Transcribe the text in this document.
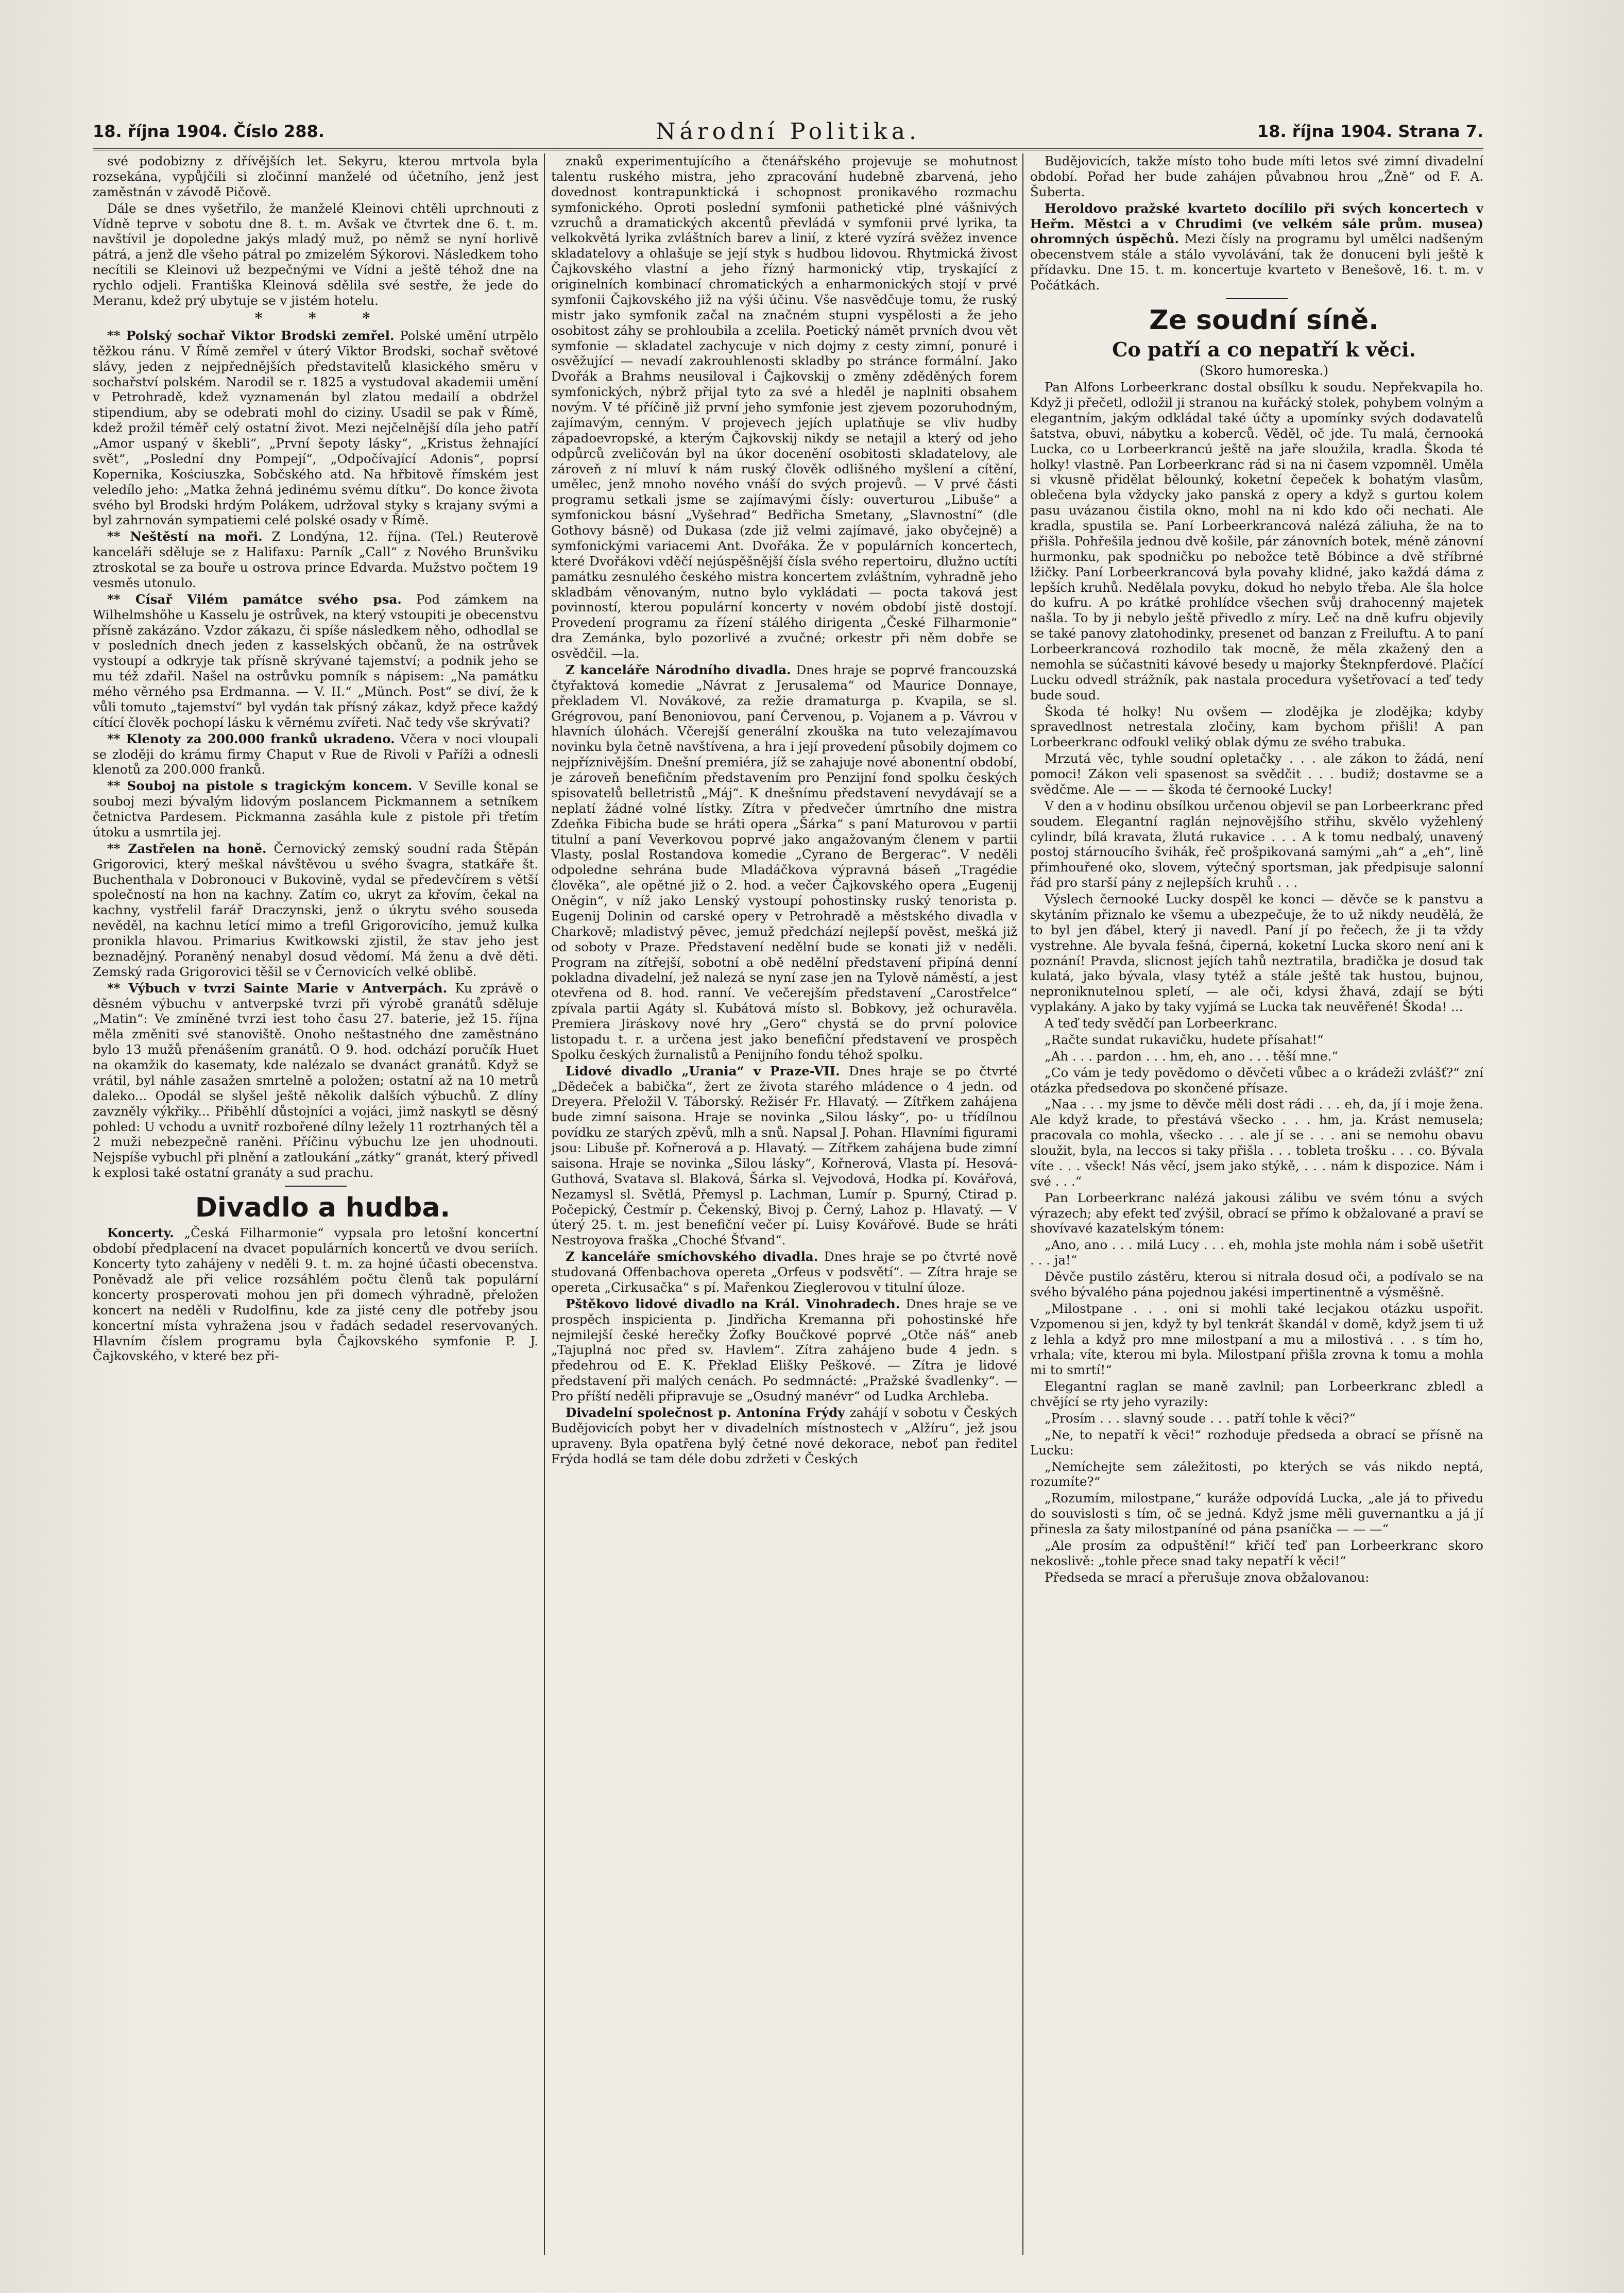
18. října 1904. Číslo 288.	Národní Politika.	18. října 1904. Strana 7.

své podobizny z dřívějších let. Sekyru, kterou mrtvola byla rozsekána, vypůjčili si zločinní manželé od účetního, jenž jest zaměstnán v závodě Pičově.

Dále se dnes vyšetřilo, že manželé Kleinovi chtěli uprchnouti z Vídně teprve v sobotu dne 8. t. m. Avšak ve čtvrtek dne 6. t. m. navštívil je dopoledne jakýs mladý muž, po němž se nyní horlivě pátrá, a jenž dle všeho pátral po zmizelém Sýkorovi. Následkem toho necítili se Kleinovi už bezpečnými ve Vídni a ještě téhož dne na rychlo odjeli. Františka Kleinová sdělila své sestře, že jede do Meranu, kdež prý ubytuje se v jistém hotelu.

* * *

** Polský sochař Viktor Brodski zemřel. Polské umění utrpělo těžkou ránu. V Římě zemřel v úterý Viktor Brodski, sochař světové slávy, jeden z nejpřednějších představitelů klasického směru v sochařství polském. Narodil se r. 1825 a vystudoval akademii umění v Petrohradě, kdež vyznamenán byl zlatou medailí a obdržel stipendium, aby se odebrati mohl do ciziny. Usadil se pak v Římě, kdež prožil téměř celý ostatní život. Mezi nejčelnější díla jeho patří „Amor uspaný v škebli“, „První šepoty lásky“, „Kristus žehnající svět“, „Poslední dny Pompejí“, „Odpočívající Adonis“, poprsí Kopernika, Kościuszka, Sobčského atd. Na hřbitově římském jest veledílo jeho: „Matka žehná jedinému svému dítku“. Do konce života svého byl Brodski hrdým Polákem, udržoval styky s krajany svými a byl zahrnován sympatiemi celé polské osady v Římě.

** Neštěstí na moři. Z Londýna, 12. října. (Tel.) Reuterově kanceláři sděluje se z Halifaxu: Parník „Call“ z Nového Brunšviku ztroskotal se za bouře u ostrova prince Edvarda. Mužstvo počtem 19 vesměs utonulo.

** Císař Vilém památce svého psa. Pod zámkem na Wilhelmshöhe u Kasselu je ostrůvek, na který vstoupiti je obecenstvu přísně zakázáno. Vzdor zákazu, či spíše následkem něho, odhodlal se v posledních dnech jeden z kasselských občanů, že na ostrůvek vystoupí a odkryje tak přísně skrývané tajemství; a podnik jeho se mu též zdařil. Našel na ostrůvku pomník s nápisem: „Na památku mého věrného psa Erdmanna. — V. II.“ „Münch. Post“ se diví, že k vůli tomuto „tajemství“ byl vydán tak přísný zákaz, když přece každý cítící člověk pochopí lásku k věrnému zvířeti. Nač tedy vše skrývati?

** Klenoty za 200.000 franků ukradeno. Včera v noci vloupali se zloději do krámu firmy Chaput v Rue de Rivoli v Paříži a odnesli klenotů za 200.000 franků.

** Souboj na pistole s tragickým koncem. V Seville konal se souboj mezi bývalým lidovým poslancem Pickmannem a setníkem četnictva Pardesem. Pickmanna zasáhla kule z pistole při třetím útoku a usmrtila jej.

** Zastřelen na honě. Černovický zemský soudní rada Štěpán Grigorovici, který meškal návštěvou u svého švagra, statkáře št. Buchenthala v Dobronouci v Bukovině, vydal se předevčírem s větší společností na hon na kachny. Zatím co, ukryt za křovím, čekal na kachny, vystřelil farář Draczynski, jenž o úkrytu svého souseda nevěděl, na kachnu letící mimo a trefil Grigorovicího, jemuž kulka pronikla hlavou. Primarius Kwitkowski zjistil, že stav jeho jest beznadějný. Poraněný nenabyl dosud vědomí. Má ženu a dvě děti. Zemský rada Grigorovici těšil se v Černovicích velké oblibě.

** Výbuch v tvrzi Sainte Marie v Antverpách. Ku zprávě o děsném výbuchu v antverpské tvrzi při výrobě granátů sděluje „Matin“: Ve zmíněné tvrzi iest toho času 27. baterie, jež 15. října měla změniti své stanoviště. Onoho neštastného dne zaměstnáno bylo 13 mužů přenášením granátů. O 9. hod. odchází poručík Huet na okamžik do kasematy, kde nalézalo se dvanáct granátů. Když se vrátil, byl náhle zasažen smrtelně a položen; ostatní až na 10 metrů daleko... Opodál se slyšel ještě několik dalších výbuchů. Z dlíny zavzněly výkřiky... Přiběhlí důstojníci a vojáci, jimž naskytl se děsný pohled: U vchodu a uvnitř rozbořené dílny ležely 11 roztrhaných těl a 2 muži nebezpečně raněni. Příčinu výbuchu lze jen uhodnouti. Nejspíše vybuchl při plnění a zatloukání „zátky“ granát, který přivedl k explosi také ostatní granáty a sud prachu.

Divadlo a hudba.

Koncerty. „Česká Filharmonie“ vypsala pro letošní koncertní období předplacení na dvacet populárních koncertů ve dvou seriích. Koncerty tyto zahájeny v neděli 9. t. m. za hojné účasti obecenstva. Poněvadž ale při velice rozsáhlém počtu členů tak populární koncerty prosperovati mohou jen při domech výhradně, přeložen koncert na neděli v Rudolfinu, kde za jisté ceny dle potřeby jsou koncertní místa vyhražena jsou v řadách sedadel reservovaných. Hlavním číslem programu byla Čajkovského symfonie P. J. Čajkovského, v které bez při-

znaků experimentujícího a čtenářského projevuje se mohutnost talentu ruského mistra, jeho zpracování hudebně zbarvená, jeho dovednost kontrapunktická i schopnost pronikavého rozmachu symfonického. Oproti poslední symfonii pathetické plné vášnivých vzruchů a dramatických akcentů převládá v symfonii prvé lyrika, ta velkokvětá lyrika zvláštních barev a linií, z které vyzírá svěžez invence skladatelovy a ohlašuje se její styk s hudbou lidovou. Rhytmická živost Čajkovského vlastní a jeho řízný harmonický vtip, tryskající z originelních kombinací chromatických a enharmonických stojí v prvé symfonii Čajkovského již na výši účinu. Vše nasvědčuje tomu, že ruský mistr jako symfonik začal na značném stupni vyspělosti a že jeho osobitost záhy se prohloubila a zcelila. Poetický námět prvních dvou vět symfonie — skladatel zachycuje v nich dojmy z cesty zimní, ponuré i osvěžující — nevadí zakrouhlenosti skladby po stránce formální. Jako Dvořák a Brahms neusiloval i Čajkovskij o změny zděděných forem symfonických, nýbrž přijal tyto za své a hleděl je naplniti obsahem novým. V té příčině již první jeho symfonie jest zjevem pozoruhodným, zajímavým, cenným. V projevech jejích uplatňuje se vliv hudby západoevropské, a kterým Čajkovskij nikdy se netajil a který od jeho odpůrců zveličován byl na úkor docenění osobitosti skladatelovy, ale zároveň z ní mluví k nám ruský člověk odlišného myšlení a cítění, umělec, jenž mnoho nového vnáší do svých projevů. — V prvé části programu setkali jsme se zajímavými čísly: ouverturou „Libuše“ a symfonickou básní „Vyšehrad“ Bedřicha Smetany, „Slavnostní“ (dle Gothovy básně) od Dukasa (zde již velmi zajímavé, jako obyčejně) a symfonickými variacemi Ant. Dvořáka. Že v populárních koncertech, které Dvořákovi vděčí nejúspěšnější čísla svého repertoiru, dlužno uctíti památku zesnulého českého mistra koncertem zvláštním, vyhradně jeho skladbám věnovaným, nutno bylo vykládati — pocta taková jest povinností, kterou populární koncerty v novém období jistě dostojí. Provedení programu za řízení stálého dirigenta „České Filharmonie“ dra Zemánka, bylo pozorlivé a zvučné; orkestr při něm dobře se osvědčil. —la.

Z kanceláře Národního divadla. Dnes hraje se poprvé francouzská čtyřaktová komedie „Návrat z Jerusalema“ od Maurice Donnaye, překladem Vl. Novákové, za režie dramaturga p. Kvapila, se sl. Grégrovou, paní Benoniovou, paní Červenou, p. Vojanem a p. Vávrou v hlavních úlohách. Včerejší generální zkouška na tuto velezajímavou novinku byla četně navštívena, a hra i její provedení působily dojmem co nejpříznivějším. Dnešní premiéra, jíž se zahajuje nové abonentní období, je zároveň benefičním představením pro Penzijní fond spolku českých spisovatelů belletristů „Máj“. K dnešnímu představení nevydávají se a neplatí žádné volné lístky. Zítra v předvečer úmrtního dne mistra Zdeňka Fibicha bude se hráti opera „Šárka“ s paní Maturovou v partii titulní a paní Veverkovou poprvé jako angažovaným členem v partii Vlasty, poslal Rostandova komedie „Cyrano de Bergerac“. V neděli odpoledne sehrána bude Mladáčkova výpravná báseň „Tragédie člověka“, ale opětné již o 2. hod. a večer Čajkovského opera „Eugenij Oněgin“, v níž jako Lenský vystoupí pohostinsky ruský tenorista p. Eugenij Dolinin od carské opery v Petrohradě a městského divadla v Charkově; mladistvý pěvec, jemuž předchází nejlepší pověst, mešká již od soboty v Praze. Představení nedělní bude se konati již v neděli. Program na zítřejší, sobotní a obě nedělní představení připíná denní pokladna divadelní, jež nalezá se nyní zase jen na Tylově náměstí, a jest otevřena od 8. hod. ranní. Ve večerejším představení „Carostřelce“ zpívala partii Agáty sl. Kubátová místo sl. Bobkovy, jež ochuravěla. Premiera Jiráskovy nové hry „Gero“ chystá se do první polovice listopadu t. r. a určena jest jako benefiční představení ve prospěch Spolku českých žurnalistů a Penijního fondu téhož spolku.

Lidové divadlo „Urania“ v Praze-VII. Dnes hraje se po čtvrté „Dědeček a babička“, žert ze života starého mládence o 4 jedn. od Dreyera. Přeložil V. Táborský. Režisér Fr. Hlavatý. — Zítřkem zahájena bude zimní saisona. Hraje se novinka „Silou lásky“, po- u třídílnou povídku ze starých zpěvů, mlh a snů. Napsal J. Pohan. Hlavními figurami jsou: Libuše př. Kořnerová a p. Hlavatý. — Zítřkem zahájena bude zimní saisona. Hraje se novinka „Silou lásky“, Kořnerová, Vlasta pí. Hesová-Guthová, Svatava sl. Blaková, Šárka sl. Vejvodová, Hodka pí. Kovářová, Nezamysl sl. Světlá, Přemysl p. Lachman, Lumír p. Spurný, Ctirad p. Počepický, Čestmír p. Čekenský, Bivoj p. Černý, Lahoz p. Hlavatý. — V úterý 25. t. m. jest benefiční večer pí. Luisy Kovářové. Bude se hráti Nestroyova fraška „Choché Šťvand“.

Z kanceláře smíchovského divadla. Dnes hraje se po čtvrté nově studovaná Offenbachova opereta „Orfeus v podsvětí“. — Zítra hraje se opereta „Cirkusačka“ s pí. Mařenkou Zieglerovou v titulní úloze.

Pštěkovo lidové divadlo na Král. Vinohradech. Dnes hraje se ve prospěch inspicienta p. Jindřicha Kremanna při pohostinské hře nejmilejší české herečky Žofky Boučkové poprvé „Otče náš“ aneb „Tajuplná noc před sv. Havlem“. Zítra zahájeno bude 4 jedn. s předehrou od E. K. Překlad Elišky Peškové. — Zítra je lidové představení při malých cenách. Po sedmnácté: „Pražské švadlenky“. — Pro příští neděli připravuje se „Osudný manévr“ od Ludka Archleba.

Divadelní společnost p. Antonína Frýdy zahájí v sobotu v Českých Budějovicích pobyt her v divadelních místnostech v „Alžíru“, jež jsou upraveny. Byla opatřena bylý četné nové dekorace, neboť pan ředitel Frýda hodlá se tam déle dobu zdržeti v Českých

Budějovicích, takže místo toho bude míti letos své zimní divadelní období. Pořad her bude zahájen půvabnou hrou „Žně“ od F. A. Šuberta.

Heroldovo pražské kvarteto docílilo při svých koncertech v Heřm. Městci a v Chrudimi (ve velkém sále prům. musea) ohromných úspěchů. Mezi čísly na programu byl umělci nadšeným obecenstvem stále a stálo vyvolávání, tak že donuceni byli ještě k přídavku. Dne 15. t. m. koncertuje kvarteto v Benešově, 16. t. m. v Počátkách.

Ze soudní síně.

Co patří a co nepatří k věci.

(Skoro humoreska.)

Pan Alfons Lorbeerkranc dostal obsílku k soudu. Nepřekvapila ho. Když ji přečetl, odložil ji stranou na kuřácký stolek, pohybem volným a elegantním, jakým odkládal také účty a upomínky svých dodavatelů šatstva, obuvi, nábytku a koberců. Věděl, oč jde. Tu malá, černooká Lucka, co u Lorbeerkrancú ještě na jaře sloužila, kradla. Škoda té holky! vlastně. Pan Lorbeerkranc rád si na ni časem vzpomněl. Uměla si vkusně přidělat bělounký, koketní čepeček k bohatým vlasům, oblečena byla vždycky jako panská z opery a když s gurtou kolem pasu uvázanou čistila okno, mohl na ni kdo kdo oči nechati. Ale kradla, spustila se. Paní Lorbeerkrancová nalézá záliuha, že na to přišla. Pohřešila jednou dvě košile, pár zánovních botek, méně zánovní hurmonku, pak spodničku po nebožce tetě Bóbince a dvě stříbrné lžičky. Paní Lorbeerkrancová byla povahy klidné, jako každá dáma z lepších kruhů. Nedělala povyku, dokud ho nebylo třeba. Ale šla holce do kufru. A po krátké prohlídce všechen svůj drahocenný majetek našla. To by ji nebylo ještě přivedlo z míry. Leč na dně kufru objevily se také panovy zlatohodinky, presenet od banzan z Freiluftu. A to paní Lorbeerkrancová rozhodilo tak mocně, že měla zkažený den a nemohla se súčastniti kávové besedy u majorky Šteknpferdové. Plačící Lucku odvedl strážník, pak nastala procedura vyšetřovací a teď tedy bude soud.

Škoda té holky! Nu ovšem — zlodějka je zlodějka; kdyby spravedlnost netrestala zločiny, kam bychom přišli! A pan Lorbeerkranc odfoukl veliký oblak dýmu ze svého trabuka.

Mrzutá věc, tyhle soudní opletačky . . . ale zákon to žádá, není pomoci! Zákon veli spasenost sa svědčit . . . budiž; dostavme se a svědčme. Ale — — — škoda té černooké Lucky!

V den a v hodinu obsílkou určenou objevil se pan Lorbeerkranc před soudem. Elegantní raglán nejnovějšího střihu, skvělo vyžehlený cylindr, bílá kravata, žlutá rukavice . . . A k tomu nedbalý, unavený postoj stárnoucího švihák, řeč prošpikovaná samými „ah“ a „eh“, lině přimhouřené oko, slovem, výtečný sportsman, jak předpisuje salonní řád pro starší pány z nejlepších kruhů . . .

Výslech černooké Lucky dospěl ke konci — děvče se k panstvu a skytáním přiznalo ke všemu a ubezpečuje, že to už nikdy neudělá, že to byl jen ďábel, který ji navedl. Paní jí po řečech, že ji ta vždy vystrehne. Ale byvala fešná, čiperná, koketní Lucka skoro není ani k poznání! Pravda, slicnost jejích tahů neztratila, bradička je dosud tak kulatá, jako bývala, vlasy tytéž a stále ještě tak hustou, bujnou, neproniknutelnou spletí, — ale oči, kdysi žhavá, zdají se býti vyplakány. A jako by taky vyjímá se Lucka tak neuvěřené! Škoda! ...

A teď tedy svědčí pan Lorbeerkranc.

„Račte sundat rukavičku, hudete přísahat!“

„Ah . . . pardon . . . hm, eh, ano . . . těší mne.“

„Co vám je tedy povědomo o děvčeti vůbec a o krádeži zvlášť?“ zní otázka předsedova po skončené přísaze.

„Naa . . . my jsme to děvče měli dost rádi . . . eh, da, jí i moje žena. Ale když krade, to přestává všecko . . . hm, ja. Krást nemusela; pracovala co mohla, všecko . . . ale jí se . . . ani se nemohu obavu sloužit, byla, na leccos si taky přišla . . . tobleta trošku . . . co. Bývala víte . . . všeck! Nás věcí, jsem jako stýkě, . . . nám k dispozice. Nám i své . . .“

Pan Lorbeerkranc nalézá jakousi zálibu ve svém tónu a svých výrazech; aby efekt teď zvýšil, obrací se přímo k obžalované a praví se shovívavé kazatelským tónem:

„Ano, ano . . . milá Lucy . . . eh, mohla jste mohla nám i sobě ušetřit . . . ja!“

Děvče pustilo zástěru, kterou si nitrala dosud oči, a podívalo se na svého bývalého pána pojednou jakési impertinentně a výsměšně.

„Milostpane . . . oni si mohli také lecjakou otázku uspořit. Vzpomenou si jen, když ty byl tenkrát škandál v domě, když jsem ti už z lehla a když pro mne milostpaní a mu a milostivá . . . s tím ho, vrhala; víte, kterou mi byla. Milostpaní přišla zrovna k tomu a mohla mi to smrtí!“

Elegantní raglan se maně zavlnil; pan Lorbeerkranc zbledl a chvějící se rty jeho vyrazily:

„Prosím . . . slavný soude . . . patří tohle k věci?“

„Ne, to nepatří k věci!“ rozhoduje předseda a obrací se přísně na Lucku:

„Nemíchejte sem záležitosti, po kterých se vás nikdo neptá, rozumíte?“

„Rozumím, milostpane,“ kuráže odpovídá Lucka, „ale já to přivedu do souvislosti s tím, oč se jedná. Když jsme měli guvernantku a já jí přinesla za šaty milostpaníné od pána psaníčka — — —“

„Ale prosím za odpuštění!“ křičí teď pan Lorbeerkranc skoro nekoslivě: „tohle přece snad taky nepatří k věci!“

Předseda se mrací a přerušuje znova obžalovanou:
